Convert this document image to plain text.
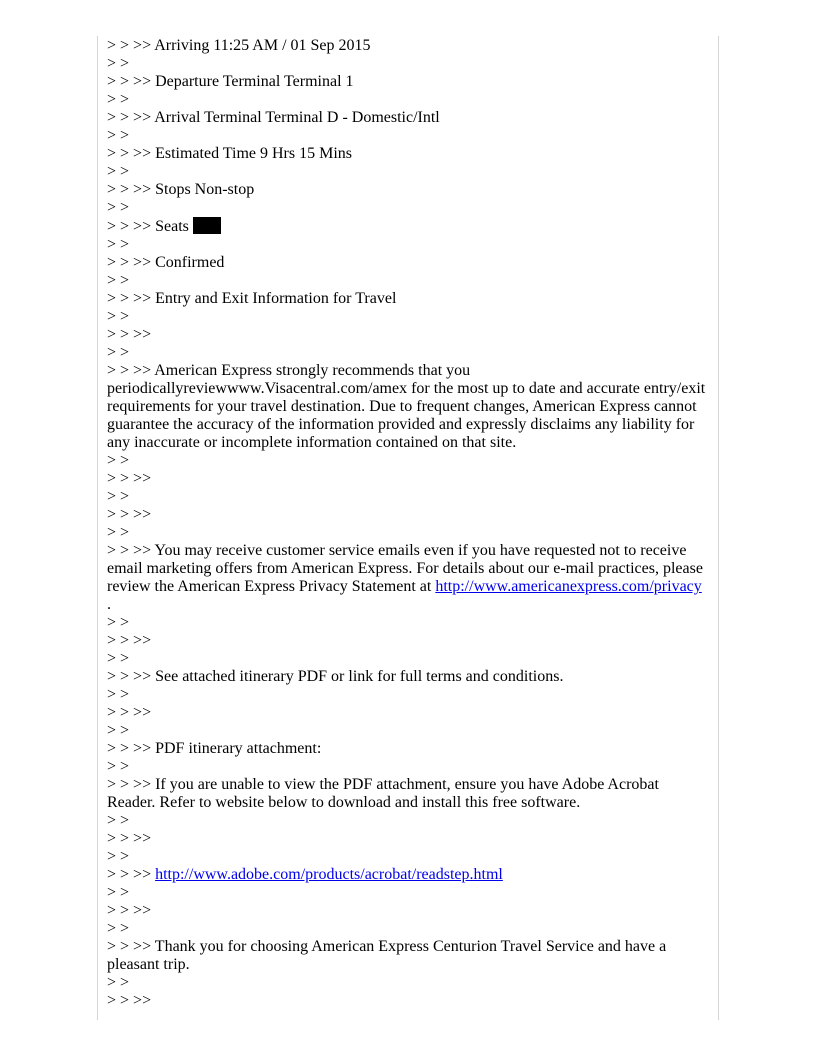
> > >> Arriving 11:25 AM / 01 Sep 2015
> >
> > >> Departure Terminal Terminal 1
> >
> > >> Arrival Terminal Terminal D - Domestic/Intl
> >
> > >> Estimated Time 9 Hrs 15 Mins
> >
> > >> Stops Non-stop
> >
> > >> Seats
> >
> > >> Confirmed
> >
> > >> Entry and Exit Information for Travel
> >
> > >>
> >
> > >> American Express strongly recommends that you periodicallyreviewwww.Visacentral.com/amex for the most up to date and accurate entry/exit requirements for your travel destination. Due to frequent changes, American Express cannot guarantee the accuracy of the information provided and expressly disclaims any liability for any inaccurate or incomplete information contained on that site.
> >
> > >>
> >
> > >>
> >
> > >> You may receive customer service emails even if you have requested not to receive email marketing offers from American Express. For details about our e-mail practices, please review the American Express Privacy Statement at http://www.americanexpress.com/privacy
.
> >
> > >>
> >
> > >> See attached itinerary PDF or link for full terms and conditions.
> >
> > >>
> >
> > >> PDF itinerary attachment:
> >
> > >> If you are unable to view the PDF attachment, ensure you have Adobe Acrobat Reader. Refer to website below to download and install this free software.
> >
> > >>
> >
> > >> http://www.adobe.com/products/acrobat/readstep.html
> >
> > >>
> >
> > >> Thank you for choosing American Express Centurion Travel Service and have a pleasant trip.
> >
> > >>
